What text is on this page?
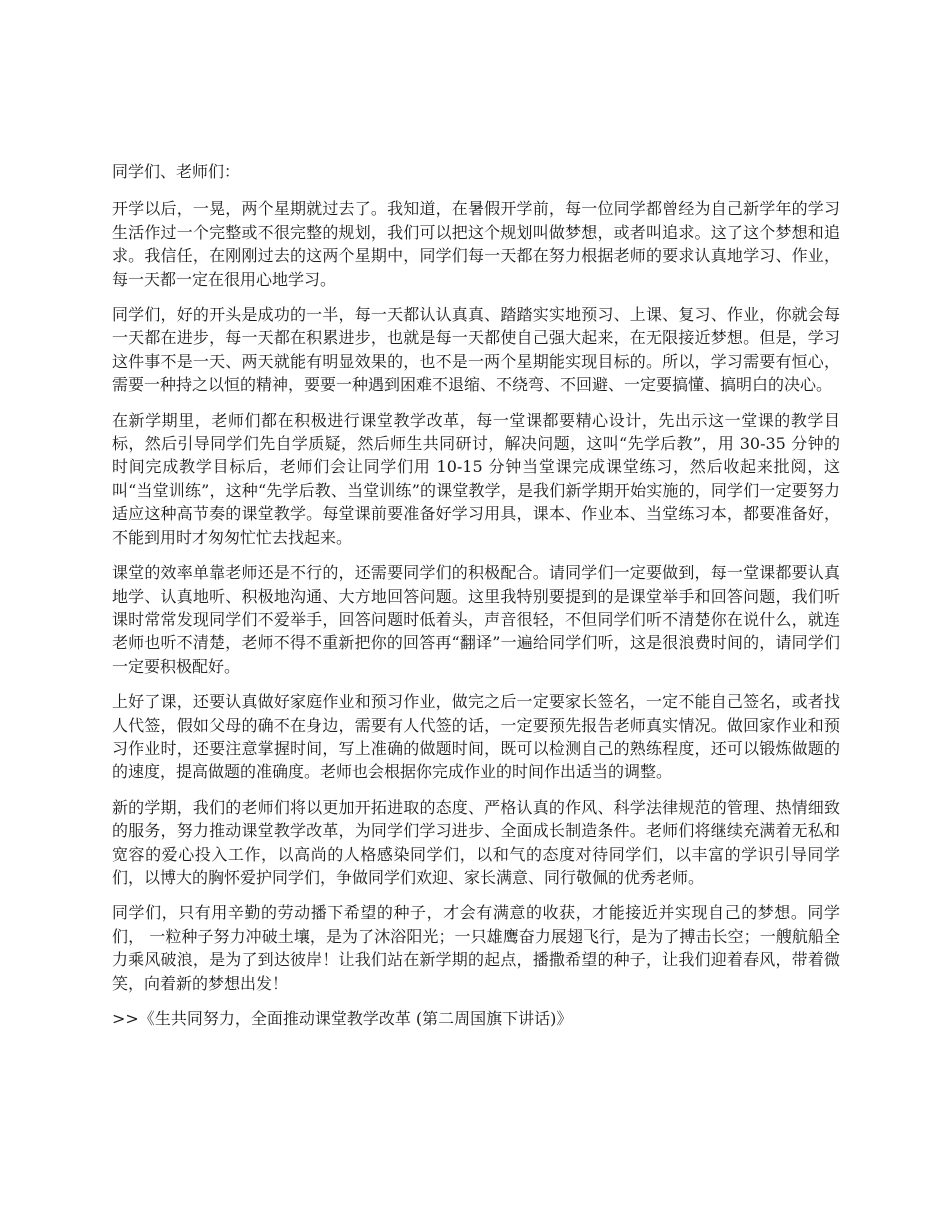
同学们、老师们：

开学以后，一晃，两个星期就过去了。我知道，在暑假开学前，每一位同学都曾经为自己新学年的学习生活作过一个完整或不很完整的规划，我们可以把这个规划叫做梦想，或者叫追求。这了这个梦想和追求。我信任，在刚刚过去的这两个星期中，同学们每一天都在努力根据老师的要求认真地学习、作业，每一天都一定在很用心地学习。

同学们，好的开头是成功的一半，每一天都认认真真、踏踏实实地预习、上课、复习、作业，你就会每一天都在进步，每一天都在积累进步，也就是每一天都使自己强大起来，在无限接近梦想。但是，学习这件事不是一天、两天就能有明显效果的，也不是一两个星期能实现目标的。所以，学习需要有恒心，需要一种持之以恒的精神，要要一种遇到困难不退缩、不绕弯、不回避、一定要搞懂、搞明白的决心。

在新学期里，老师们都在积极进行课堂教学改革，每一堂课都要精心设计，先出示这一堂课的教学目标，然后引导同学们先自学质疑，然后师生共同研讨，解决问题，这叫“先学后教”，用 30-35 分钟的时间完成教学目标后，老师们会让同学们用 10-15 分钟当堂课完成课堂练习，然后收起来批阅，这叫“当堂训练”，这种“先学后教、当堂训练”的课堂教学，是我们新学期开始实施的，同学们一定要努力适应这种高节奏的课堂教学。每堂课前要准备好学习用具，课本、作业本、当堂练习本，都要准备好，不能到用时才匆匆忙忙去找起来。

课堂的效率单靠老师还是不行的，还需要同学们的积极配合。请同学们一定要做到，每一堂课都要认真地学、认真地听、积极地沟通、大方地回答问题。这里我特别要提到的是课堂举手和回答问题，我们听课时常常发现同学们不爱举手，回答问题时低着头，声音很轻，不但同学们听不清楚你在说什么，就连老师也听不清楚，老师不得不重新把你的回答再“翻译”一遍给同学们听，这是很浪费时间的，请同学们一定要积极配好。

上好了课，还要认真做好家庭作业和预习作业，做完之后一定要家长签名，一定不能自己签名，或者找人代签，假如父母的确不在身边，需要有人代签的话，一定要预先报告老师真实情况。做回家作业和预习作业时，还要注意掌握时间，写上准确的做题时间，既可以检测自己的熟练程度，还可以锻炼做题的的速度，提高做题的准确度。老师也会根据你完成作业的时间作出适当的调整。

新的学期，我们的老师们将以更加开拓进取的态度、严格认真的作风、科学法律规范的管理、热情细致的服务，努力推动课堂教学改革，为同学们学习进步、全面成长制造条件。老师们将继续充满着无私和宽容的爱心投入工作，以高尚的人格感染同学们，以和气的态度对待同学们，以丰富的学识引导同学们，以博大的胸怀爱护同学们，争做同学们欢迎、家长满意、同行敬佩的优秀老师。

同学们，只有用辛勤的劳动播下希望的种子，才会有满意的收获，才能接近并实现自己的梦想。同学们， 一粒种子努力冲破土壤，是为了沐浴阳光；一只雄鹰奋力展翅飞行，是为了搏击长空；一艘航船全力乘风破浪，是为了到达彼岸！让我们站在新学期的起点，播撒希望的种子，让我们迎着春风，带着微笑，向着新的梦想出发！

>>《生共同努力，全面推动课堂教学改革 (第二周国旗下讲话)》
